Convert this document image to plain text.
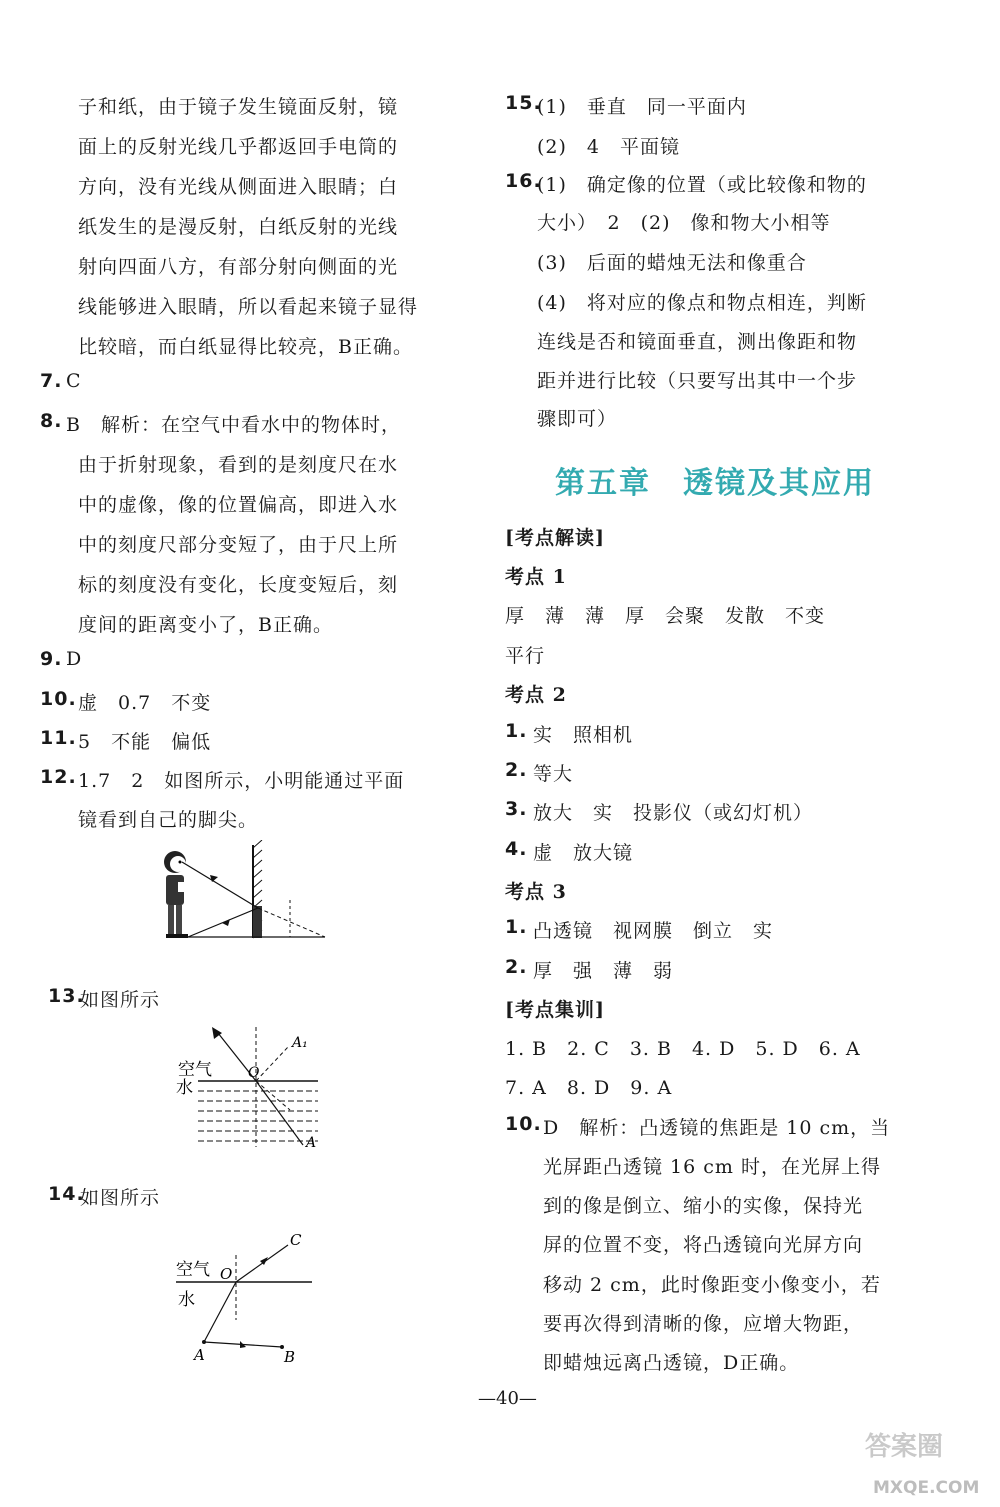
子和纸，由于镜子发生镜面反射，镜
面上的反射光线几乎都返回手电筒的
方向，没有光线从侧面进入眼睛；白
纸发生的是漫反射，白纸反射的光线
射向四面八方，有部分射向侧面的光
线能够进入眼睛，所以看起来镜子显得
比较暗，而白纸显得比较亮，B正确。
7. C
8. B　解析：在空气中看水中的物体时，
由于折射现象，看到的是刻度尺在水
中的虚像，像的位置偏高，即进入水
中的刻度尺部分变短了，由于尺上所
标的刻度没有变化，长度变短后，刻
度间的距离变小了，B正确。
9. D
10. 虚　0.7　不变
11. 5　不能　偏低
12. 1.7　2　如图所示，小明能通过平面
镜看到自己的脚尖。
13.
如图所示
14.
如图所示
空气
水
O
A₁
A
空气
水
O
A	B
C
15.
(1)　垂直　同一平面内
(2)　4　平面镜
16.
(1)　确定像的位置（或比较像和物的
大小）　2　(2)　像和物大小相等
(3)　后面的蜡烛无法和像重合
(4)　将对应的像点和物点相连，判断
连线是否和镜面垂直，测出像距和物
距并进行比较（只要写出其中一个步
骤即可）
[考点解读]
考点 1
厚　薄　薄　厚　会聚　发散　不变
平行
考点 2
1. 实　照相机
2. 等大
3. 放大　实　投影仪（或幻灯机）
4. 虚　放大镜
考点 3
1. 凸透镜　视网膜　倒立　实
2. 厚　强　薄　弱
[考点集训]
1. B　2. C　3. B　4. D　5. D　6. A
7. A　8. D　9. A
10. D　解析：凸透镜的焦距是 10 cm，当
光屏距凸透镜 16 cm 时，在光屏上得
到的像是倒立、缩小的实像，保持光
屏的位置不变，将凸透镜向光屏方向
移动 2 cm，此时像距变小像变小，若
要再次得到清晰的像，应增大物距，
即蜡烛远离凸透镜，D正确。
第五章　透镜及其应用
—40—
答案圈
MXQE.COM
